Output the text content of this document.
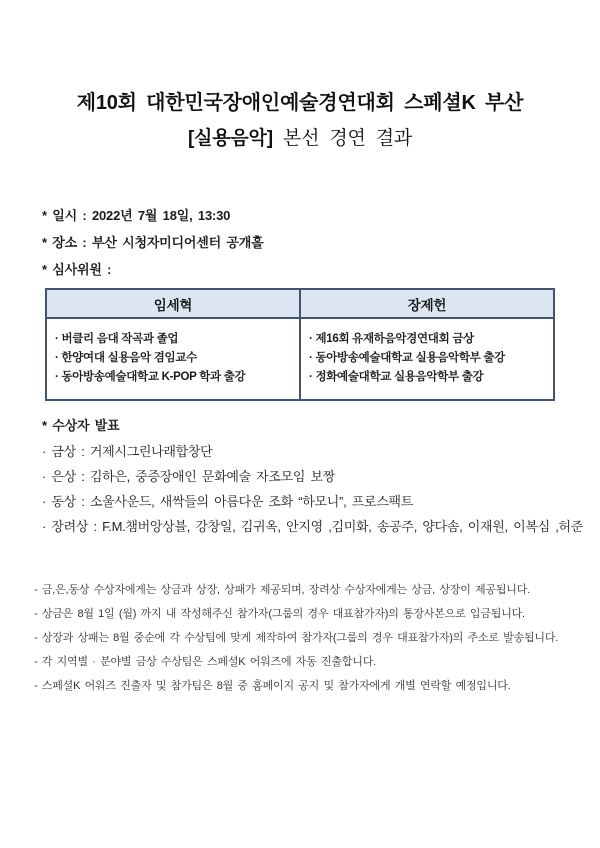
제10회 대한민국장애인예술경연대회 스페셜K 부산
[실용음악] 본선 경연 결과
* 일시 : 2022년 7월 18일, 13:30
* 장소 : 부산 시청자미디어센터 공개홀
* 심사위원 :
임세혁	장제헌

· 버클리 음대 작곡과 졸업
· 한양여대 실용음악 겸임교수
· 동아방송예술대학교 K-POP 학과 출강

· 제16회 유재하음악경연대회 금상
· 동아방송예술대학교 실용음악학부 출강
· 정화예술대학교 실용음악학부 출강
* 수상자 발표
· 금상 : 거제시그린나래합창단
· 은상 : 김하은, 중증장애인 문화예술 자조모임 보짱
· 동상 : 소울사운드, 새싹들의 아름다운 조화 “하모니”, 프로스팩트
· 장려상 : F.M.챔버앙상블, 강창일, 김귀옥, 안지영 ,김미화, 송공주, 양다솜, 이재원, 이복심 ,허준
- 금,은,동상 수상자에게는 상금과 상장, 상패가 제공되며, 장려상 수상자에게는 상금, 상장이 제공됩니다.
- 상금은 8월 1일 (월) 까지 내 작성해주신 참가자(그룹의 경우 대표참가자)의 통장사본으로 입금됩니다.
- 상장과 상패는 8월 중순에 각 수상팀에 맞게 제작하여 참가자(그룹의 경우 대표참가자)의 주소로 발송됩니다.
- 각 지역별 · 분야별 금상 수상팀은 스페셜K 어워즈에 자동 진출합니다.
- 스페셜K 어워즈 진출자 및 참가팀은 8월 중 홈페이지 공지 및 참가자에게 개별 연락할 예정입니다.
